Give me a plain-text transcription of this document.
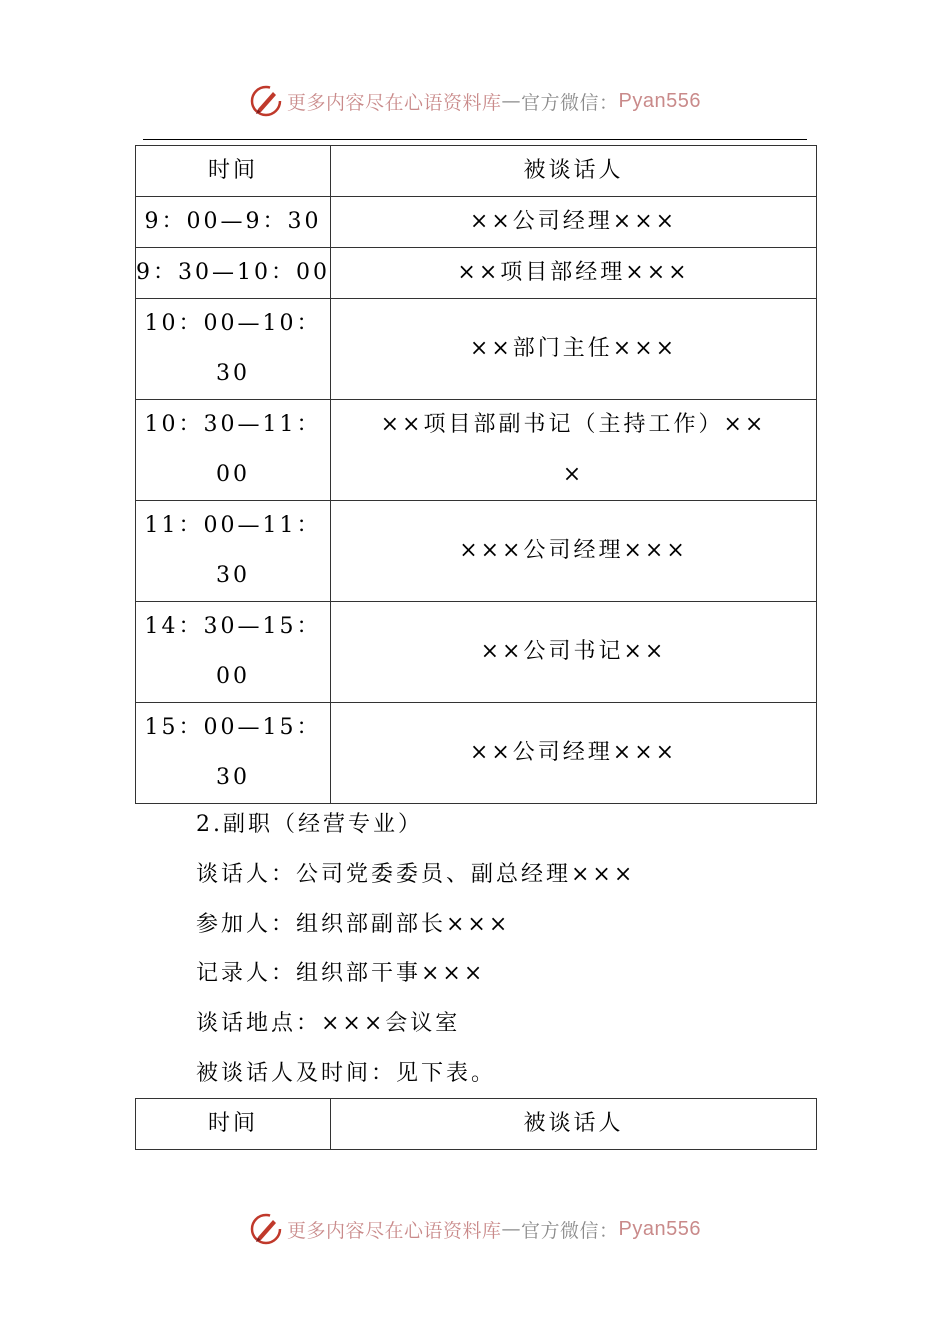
更多内容尽在心语资料库 — 官方微信： Pyan556
时间	被谈话人
9：00—9：30	××公司经理×××
9：30—10：00	××项目部经理×××
10：00—10：
30	××部门主任×××
10：30—11：
00	××项目部副书记（主持工作）××
×
11：00—11：
30	×××公司经理×××
14：30—15：
00	××公司书记××
15：00—15：
30	××公司经理×××
2.副职（经营专业）
谈话人：公司党委委员、副总经理×××
参加人：组织部副部长×××
记录人：组织部干事×××
谈话地点：×××会议室
被谈话人及时间：见下表。
时间	被谈话人
更多内容尽在心语资料库 — 官方微信： Pyan556
